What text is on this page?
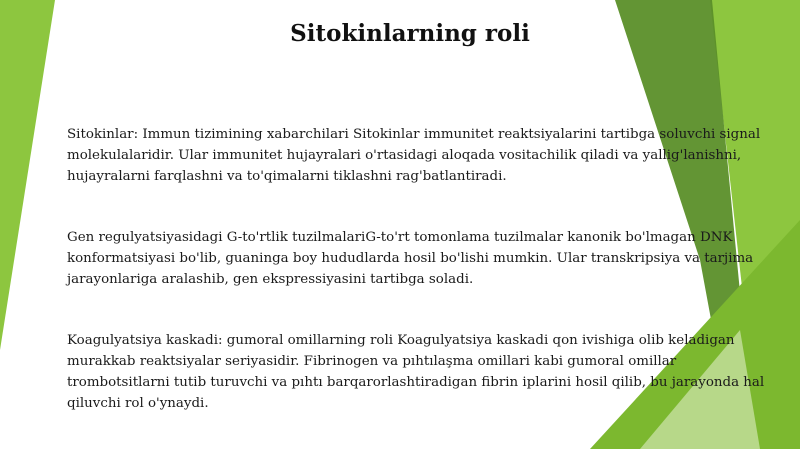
Sitokinlarning roli

Sitokinlar: Immun tizimining xabarchilari Sitokinlar immunitet reaktsiyalarini tartibga soluvchi signal molekulalaridir. Ular immunitet hujayralari o'rtasidagi aloqada vositachilik qiladi va yallig'lanishni, hujayralarni farqlashni va to'qimalarni tiklashni rag'batlantiradi.

Gen regulyatsiyasidagi G-to'rtlik tuzilmalariG-to'rt tomonlama tuzilmalar kanonik bo'lmagan DNK konformatsiyasi bo'lib, guaninga boy hududlarda hosil bo'lishi mumkin. Ular transkripsiya va tarjima jarayonlariga aralashib, gen ekspressiyasini tartibga soladi.

Koagulyatsiya kaskadi: gumoral omillarning roli Koagulyatsiya kaskadi qon ivishiga olib keladigan murakkab reaktsiyalar seriyasidir. Fibrinogen va pıhtılaşma omillari kabi gumoral omillar trombotsitlarni tutib turuvchi va pıhtı barqarorlashtiradigan fibrin iplarini hosil qilib, bu jarayonda hal qiluvchi rol o'ynaydi.
